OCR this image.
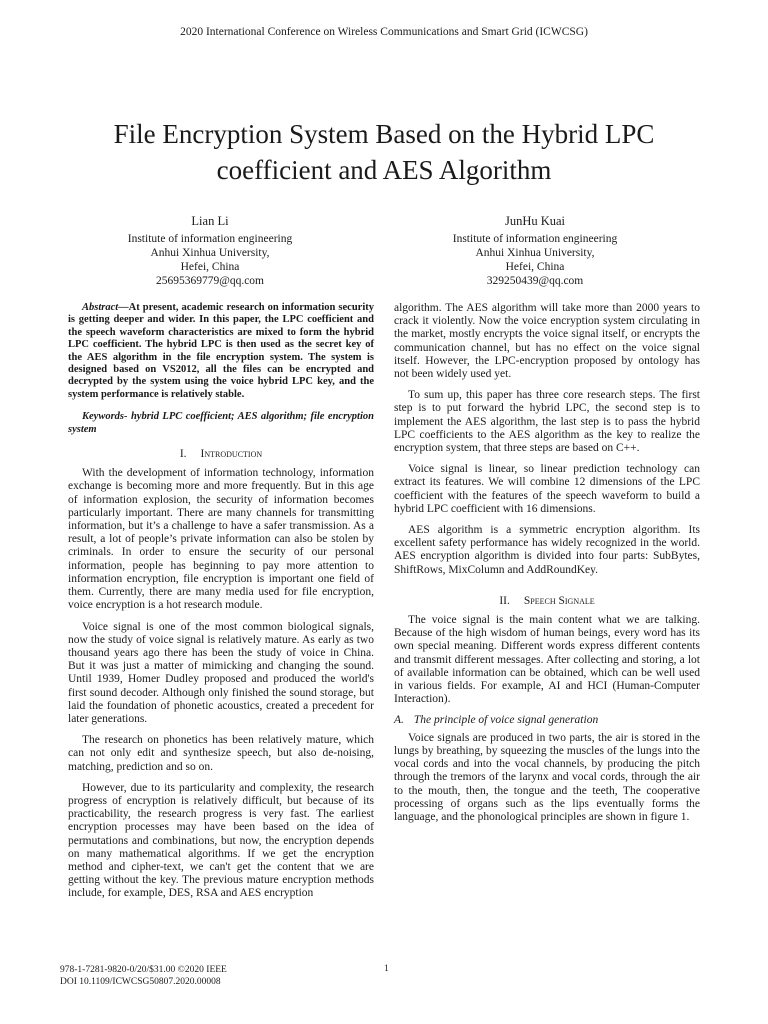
2020 International Conference on Wireless Communications and Smart Grid (ICWCSG)
File Encryption System Based on the Hybrid LPC coefficient and AES Algorithm
Lian Li
Institute of information engineering
Anhui Xinhua University,
Hefei, China
25695369779@qq.com
JunHu Kuai
Institute of information engineering
Anhui Xinhua University,
Hefei, China
329250439@qq.com
Abstract—At present, academic research on information security is getting deeper and wider. In this paper, the LPC coefficient and the speech waveform characteristics are mixed to form the hybrid LPC coefficient. The hybrid LPC is then used as the secret key of the AES algorithm in the file encryption system. The system is designed based on VS2012, all the files can be encrypted and decrypted by the system using the voice hybrid LPC key, and the system performance is relatively stable.
Keywords- hybrid LPC coefficient; AES algorithm; file encryption system
I. Introduction

With the development of information technology, information exchange is becoming more and more frequently. But in this age of information explosion, the security of information becomes particularly important. There are many channels for transmitting information, but it’s a challenge to have a safer transmission. As a result, a lot of people’s private information can also be stolen by criminals. In order to ensure the security of our personal information, people has beginning to pay more attention to information encryption, file encryption is important one field of them. Currently, there are many media used for file encryption, voice encryption is a hot research module.

Voice signal is one of the most common biological signals, now the study of voice signal is relatively mature. As early as two thousand years ago there has been the study of voice in China. But it was just a matter of mimicking and changing the sound. Until 1939, Homer Dudley proposed and produced the world's first sound decoder. Although only finished the sound storage, but laid the foundation of phonetic acoustics, created a precedent for later generations.

The research on phonetics has been relatively mature, which can not only edit and synthesize speech, but also de-noising, matching, prediction and so on.

However, due to its particularity and complexity, the research progress of encryption is relatively difficult, but because of its practicability, the research progress is very fast. The earliest encryption processes may have been based on the idea of permutations and combinations, but now, the encryption depends on many mathematical algorithms. If we get the encryption method and cipher-text, we can't get the content that we are getting without the key. The previous mature encryption methods include, for example, DES, RSA and AES encryption

algorithm. The AES algorithm will take more than 2000 years to crack it violently. Now the voice encryption system circulating in the market, mostly encrypts the voice signal itself, or encrypts the communication channel, but has no effect on the voice signal itself. However, the LPC-encryption proposed by ontology has not been widely used yet.

To sum up, this paper has three core research steps. The first step is to put forward the hybrid LPC, the second step is to implement the AES algorithm, the last step is to pass the hybrid LPC coefficients to the AES algorithm as the key to realize the encryption system, that three steps are based on C++.

Voice signal is linear, so linear prediction technology can extract its features. We will combine 12 dimensions of the LPC coefficient with the features of the speech waveform to build a hybrid LPC coefficient with 16 dimensions.

AES algorithm is a symmetric encryption algorithm. Its excellent safety performance has widely recognized in the world. AES encryption algorithm is divided into four parts: SubBytes, ShiftRows, MixColumn and AddRoundKey.

II. Speech Signale

The voice signal is the main content what we are talking. Because of the high wisdom of human beings, every word has its own special meaning. Different words express different contents and transmit different messages. After collecting and storing, a lot of available information can be obtained, which can be well used in various fields. For example, AI and HCI (Human-Computer Interaction).

A. The principle of voice signal generation

Voice signals are produced in two parts, the air is stored in the lungs by breathing, by squeezing the muscles of the lungs into the vocal cords and into the vocal channels, by producing the pitch through the tremors of the larynx and vocal cords, through the air to the mouth, then, the tongue and the teeth, The cooperative processing of organs such as the lips eventually forms the language, and the phonological principles are shown in figure 1.

978-1-7281-9820-0/20/$31.00 ©2020 IEEE
DOI 10.1109/ICWCSG50807.2020.00008
1
